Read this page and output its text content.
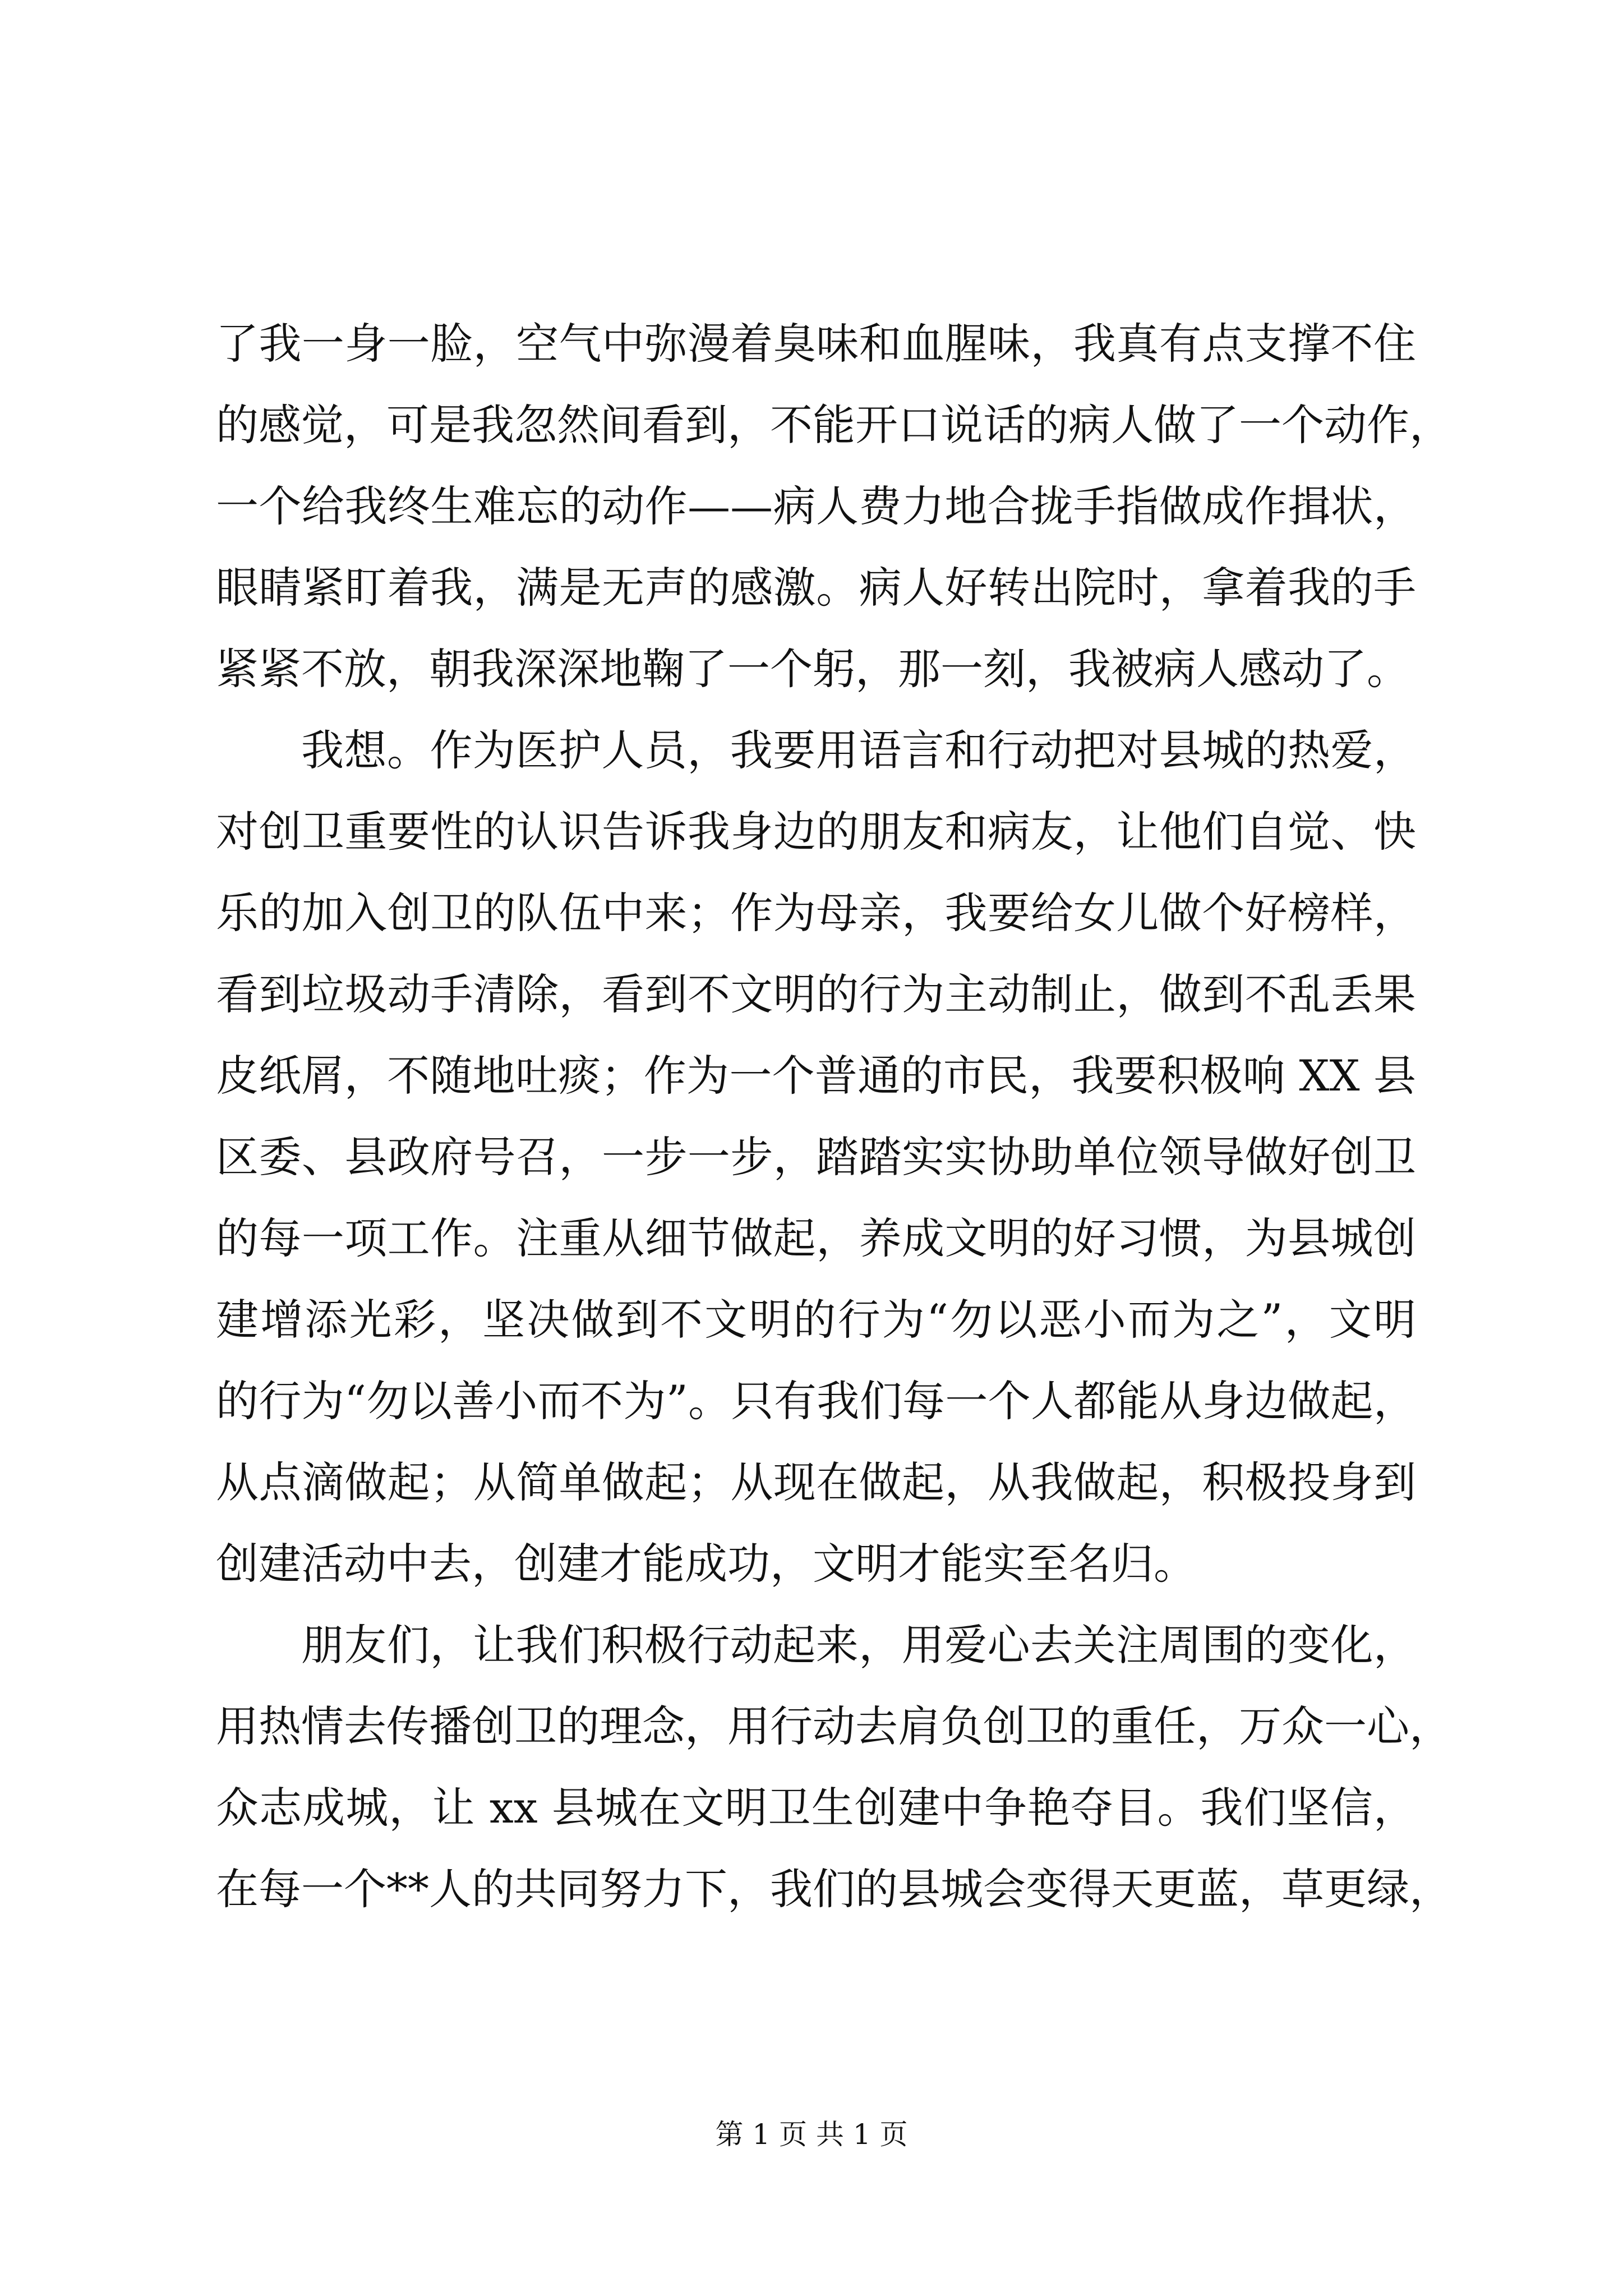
了我一身一脸，空气中弥漫着臭味和血腥味，我真有点支撑不住
的感觉，可是我忽然间看到，不能开口说话的病人做了一个动作，
一个给我终生难忘的动作——病人费力地合拢手指做成作揖状，
眼睛紧盯着我，满是无声的感激。病人好转出院时，拿着我的手
紧紧不放，朝我深深地鞠了一个躬，那一刻，我被病人感动了。
我想。作为医护人员，我要用语言和行动把对县城的热爱，
对创卫重要性的认识告诉我身边的朋友和病友，让他们自觉、快
乐的加入创卫的队伍中来；作为母亲，我要给女儿做个好榜样，
看到垃圾动手清除，看到不文明的行为主动制止，做到不乱丢果
皮纸屑，不随地吐痰；作为一个普通的市民，我要积极响 XX 县
区委、县政府号召，一步一步，踏踏实实协助单位领导做好创卫
的每一项工作。注重从细节做起，养成文明的好习惯，为县城创
建增添光彩，坚决做到不文明的行为“勿以恶小而为之”，文明
的行为“勿以善小而不为”。只有我们每一个人都能从身边做起，
从点滴做起；从简单做起；从现在做起，从我做起，积极投身到
创建活动中去，创建才能成功，文明才能实至名归。
朋友们，让我们积极行动起来，用爱心去关注周围的变化，
用热情去传播创卫的理念，用行动去肩负创卫的重任，万众一心，
众志成城，让 xx 县城在文明卫生创建中争艳夺目。我们坚信，
在每一个**人的共同努力下，我们的县城会变得天更蓝，草更绿，
第 1 页 共 1 页
